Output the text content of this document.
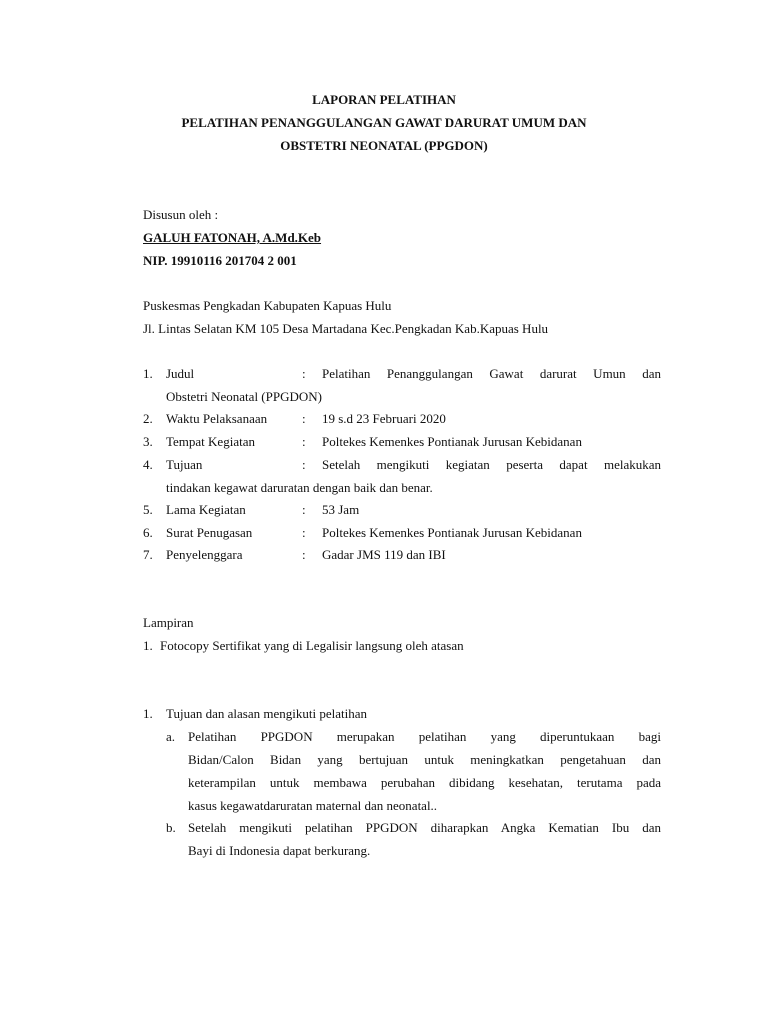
LAPORAN PELATIHAN
PELATIHAN PENANGGULANGAN GAWAT DARURAT UMUM DAN
OBSTETRI NEONATAL (PPGDON)
Disusun oleh :
GALUH FATONAH, A.Md.Keb
NIP. 19910116 201704 2 001
Puskesmas Pengkadan Kabupaten Kapuas Hulu
Jl. Lintas Selatan KM 105 Desa Martadana Kec.Pengkadan Kab.Kapuas Hulu
1. Judul	: Pelatihan Penanggulangan Gawat darurat Umun dan
Obstetri Neonatal (PPGDON)
2. Waktu Pelaksanaan	: 19 s.d 23 Februari 2020
3. Tempat Kegiatan	: Poltekes Kemenkes Pontianak Jurusan Kebidanan
4. Tujuan	: Setelah mengikuti kegiatan peserta dapat melakukan
tindakan kegawat daruratan dengan baik dan benar.
5. Lama Kegiatan	: 53 Jam
6. Surat Penugasan	: Poltekes Kemenkes Pontianak Jurusan Kebidanan
7. Penyelenggara	: Gadar JMS 119 dan IBI
Lampiran
1. Fotocopy Sertifikat yang di Legalisir langsung oleh atasan
1. Tujuan dan alasan mengikuti pelatihan
a. Pelatihan PPGDON merupakan pelatihan yang diperuntukaan bagi
Bidan/Calon Bidan yang bertujuan untuk meningkatkan pengetahuan dan
keterampilan untuk membawa perubahan dibidang kesehatan, terutama pada
kasus kegawatdaruratan maternal dan neonatal..
b. Setelah mengikuti pelatihan PPGDON diharapkan Angka Kematian Ibu dan
Bayi di Indonesia dapat berkurang.
